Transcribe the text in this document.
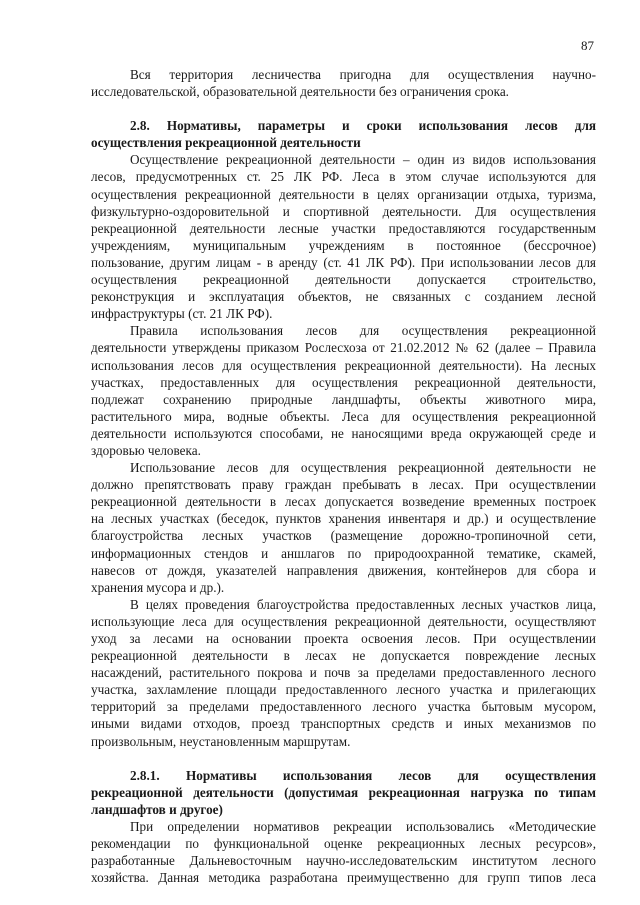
87
Вся территория лесничества пригодна для осуществления научно-
исследовательской, образовательной деятельности без ограничения срока.
2.8. Нормативы, параметры и сроки использования лесов для
осуществления рекреационной деятельности
Осуществление рекреационной деятельности – один из видов использования
лесов, предусмотренных ст. 25 ЛК РФ. Леса в этом случае используются для
осуществления рекреационной деятельности в целях организации отдыха, туризма,
физкультурно-оздоровительной и спортивной деятельности. Для осуществления
рекреационной деятельности лесные участки предоставляются государственным
учреждениям, муниципальным учреждениям в постоянное (бессрочное)
пользование, другим лицам - в аренду (ст. 41 ЛК РФ). При использовании лесов для
осуществления рекреационной деятельности допускается строительство,
реконструкция и эксплуатация объектов, не связанных с созданием лесной
инфраструктуры (ст. 21 ЛК РФ).
Правила использования лесов для осуществления рекреационной
деятельности утверждены приказом Рослесхоза от 21.02.2012 № 62 (далее – Правила
использования лесов для осуществления рекреационной деятельности). На лесных
участках, предоставленных для осуществления рекреационной деятельности,
подлежат сохранению природные ландшафты, объекты животного мира,
растительного мира, водные объекты. Леса для осуществления рекреационной
деятельности используются способами, не наносящими вреда окружающей среде и
здоровью человека.
Использование лесов для осуществления рекреационной деятельности не
должно препятствовать праву граждан пребывать в лесах. При осуществлении
рекреационной деятельности в лесах допускается возведение временных построек
на лесных участках (беседок, пунктов хранения инвентаря и др.) и осуществление
благоустройства лесных участков (размещение дорожно-тропиночной сети,
информационных стендов и аншлагов по природоохранной тематике, скамей,
навесов от дождя, указателей направления движения, контейнеров для сбора и
хранения мусора и др.).
В целях проведения благоустройства предоставленных лесных участков лица,
использующие леса для осуществления рекреационной деятельности, осуществляют
уход за лесами на основании проекта освоения лесов. При осуществлении
рекреационной деятельности в лесах не допускается повреждение лесных
насаждений, растительного покрова и почв за пределами предоставленного лесного
участка, захламление площади предоставленного лесного участка и прилегающих
территорий за пределами предоставленного лесного участка бытовым мусором,
иными видами отходов, проезд транспортных средств и иных механизмов по
произвольным, неустановленным маршрутам.
2.8.1. Нормативы использования лесов для осуществления
рекреационной деятельности (допустимая рекреационная нагрузка по типам
ландшафтов и другое)
При определении нормативов рекреации использовались «Методические
рекомендации по функциональной оценке рекреационных лесных ресурсов»,
разработанные Дальневосточным научно-исследовательским институтом лесного
хозяйства. Данная методика разработана преимущественно для групп типов леса
